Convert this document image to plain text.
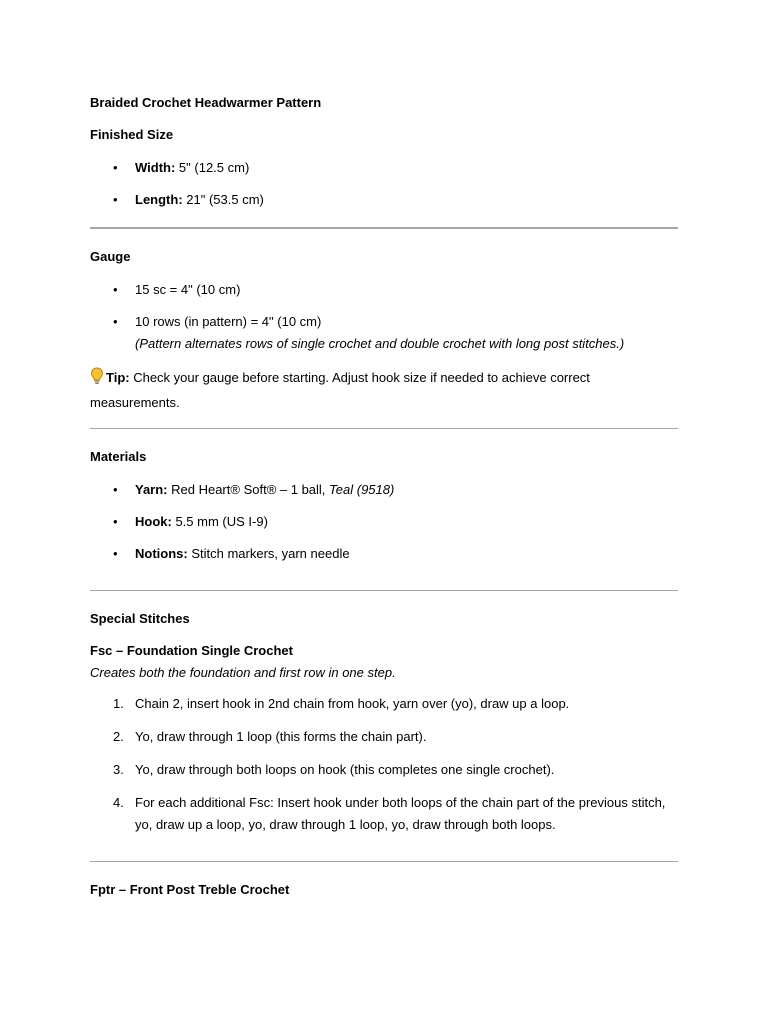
Braided Crochet Headwarmer Pattern

Finished Size

• Width: 5" (12.5 cm)
• Length: 21" (53.5 cm)

Gauge

• 15 sc = 4" (10 cm)
• 10 rows (in pattern) = 4" (10 cm)
(Pattern alternates rows of single crochet and double crochet with long post stitches.)

Tip: Check your gauge before starting. Adjust hook size if needed to achieve correct measurements.

Materials

• Yarn: Red Heart® Soft® – 1 ball, Teal (9518)
• Hook: 5.5 mm (US I-9)
• Notions: Stitch markers, yarn needle

Special Stitches

Fsc – Foundation Single Crochet

Creates both the foundation and first row in one step.

1. Chain 2, insert hook in 2nd chain from hook, yarn over (yo), draw up a loop.
2. Yo, draw through 1 loop (this forms the chain part).
3. Yo, draw through both loops on hook (this completes one single crochet).
4. For each additional Fsc: Insert hook under both loops of the chain part of the previous stitch, yo, draw up a loop, yo, draw through 1 loop, yo, draw through both loops.

Fptr – Front Post Treble Crochet
